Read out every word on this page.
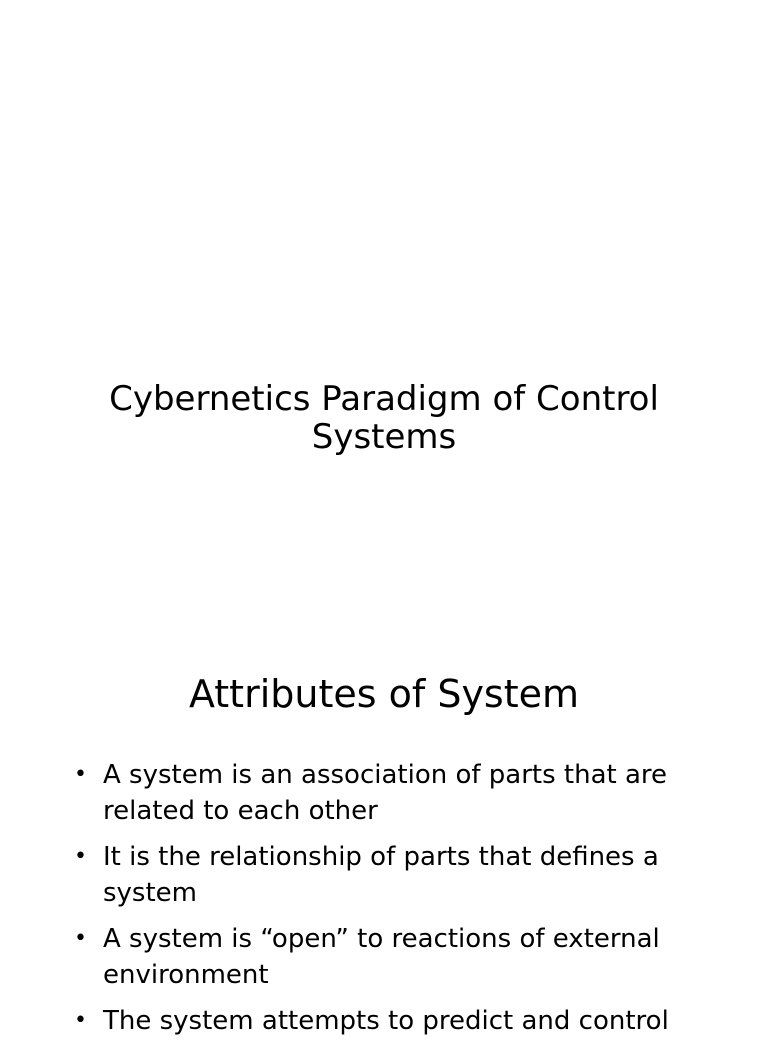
Cybernetics Paradigm of Control
Systems
Attributes of System
• A system is an association of parts that are related to each other
• It is the relationship of parts that defines a system
• A system is “open” to reactions of external environment
• The system attempts to predict and control
